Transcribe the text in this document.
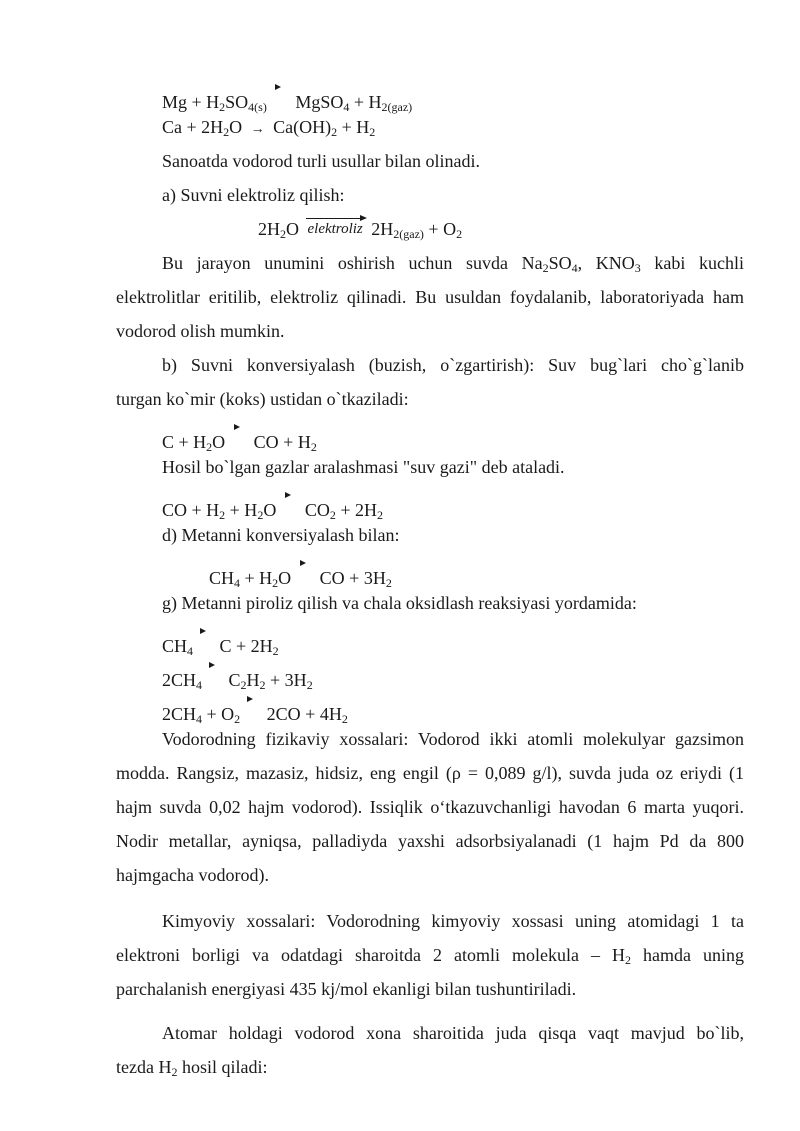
$Mg + H_2SO_{4(s)}$ MgSO$_4$ + $H_{2(gaz)}$
$Ca + 2H_2O \to Ca(OH)_2 + H_2$
Sanoatda vodorod turli usullar bilan olinadi.
a) Suvni elektroliz qilish:
$2H_2O$ elektroliz $2H_{2(gaz)} + O_2$
Bu jarayon unumini oshirish uchun suvda $Na_2SO_4$, $KNO_3$ kabi kuchli
elektrolitlar eritilib, elektroliz qilinadi. Bu usuldan foydalanib, laboratoriyada ham
vodorod olish mumkin.
b) Suvni konversiyalash (buzish, o`zgartirish): Suv bug`lari cho`g`lanib
turgan ko`mir (koks) ustidan o`tkaziladi:
$C + H_2O$ CO + $H_2$
Hosil bo`lgan gazlar aralashmasi "suv gazi" deb ataladi.
CO + $H_2 + H_2O$ $CO_2 + 2H_2$
d) Metanni konversiyalash bilan:
$CH_4 + H_2O$ CO + $3H_2$
g) Metanni piroliz qilish va chala oksidlash reaksiyasi yordamida:
$CH_4$ $C + 2H_2$
$2CH_4$ $C_2H_2 + 3H_2$
$2CH_4 + O_2$ $2CO + 4H_2$
Vodorodning fizikaviy xossalari: Vodorod ikki atomli molekulyar gazsimon
modda. Rangsiz, mazasiz, hidsiz, eng engil (ρ = 0,089 g/l), suvda juda oz eriydi (1
hajm suvda 0,02 hajm vodorod). Issiqlik o‘tkazuvchanligi havodan 6 marta yuqori.
Nodir metallar, ayniqsa, palladiyda yaxshi adsorbsiyalanadi (1 hajm Pd da 800
hajmgacha vodorod).
Kimyoviy xossalari: Vodorodning kimyoviy xossasi uning atomidagi 1 ta
elektroni borligi va odatdagi sharoitda 2 atomli molekula – $H_2$ hamda uning
parchalanish energiyasi 435 kj/mol ekanligi bilan tushuntiriladi.
Atomar holdagi vodorod xona sharoitida juda qisqa vaqt mavjud bo`lib,
tezda $H_2$ hosil qiladi:
